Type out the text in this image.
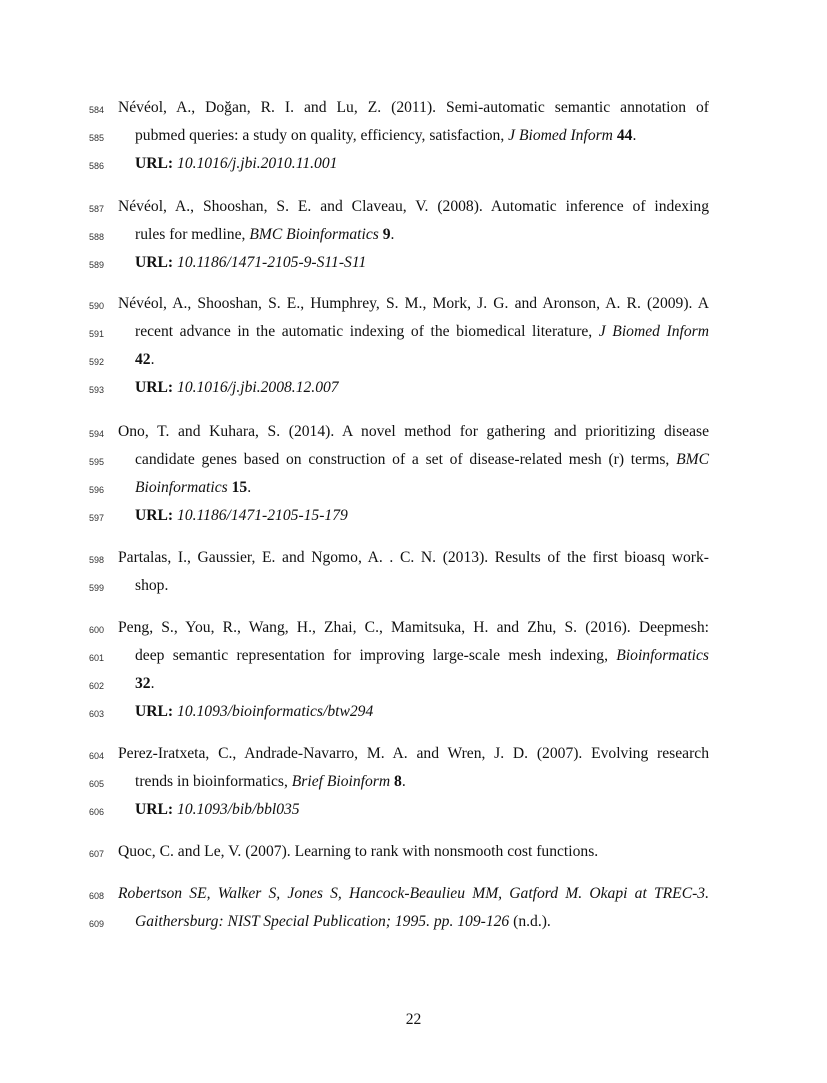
584 Névéol, A., Doğan, R. I. and Lu, Z. (2011). Semi-automatic semantic annotation of
585 pubmed queries: a study on quality, efficiency, satisfaction, J Biomed Inform 44.
586 URL: 10.1016/j.jbi.2010.11.001
587 Névéol, A., Shooshan, S. E. and Claveau, V. (2008). Automatic inference of indexing
588 rules for medline, BMC Bioinformatics 9.
589 URL: 10.1186/1471-2105-9-S11-S11
590 Névéol, A., Shooshan, S. E., Humphrey, S. M., Mork, J. G. and Aronson, A. R. (2009). A
591 recent advance in the automatic indexing of the biomedical literature, J Biomed Inform
592 42.
593 URL: 10.1016/j.jbi.2008.12.007
594 Ono, T. and Kuhara, S. (2014). A novel method for gathering and prioritizing disease
595 candidate genes based on construction of a set of disease-related mesh (r) terms, BMC
596 Bioinformatics 15.
597 URL: 10.1186/1471-2105-15-179
598 Partalas, I., Gaussier, E. and Ngomo, A. . C. N. (2013). Results of the first bioasq work-
599 shop.
600 Peng, S., You, R., Wang, H., Zhai, C., Mamitsuka, H. and Zhu, S. (2016). Deepmesh:
601 deep semantic representation for improving large-scale mesh indexing, Bioinformatics
602 32.
603 URL: 10.1093/bioinformatics/btw294
604 Perez-Iratxeta, C., Andrade-Navarro, M. A. and Wren, J. D. (2007). Evolving research
605 trends in bioinformatics, Brief Bioinform 8.
606 URL: 10.1093/bib/bbl035
607 Quoc, C. and Le, V. (2007). Learning to rank with nonsmooth cost functions.
608 Robertson SE, Walker S, Jones S, Hancock-Beaulieu MM, Gatford M. Okapi at TREC-3.
609 Gaithersburg: NIST Special Publication; 1995. pp. 109-126 (n.d.).
22
